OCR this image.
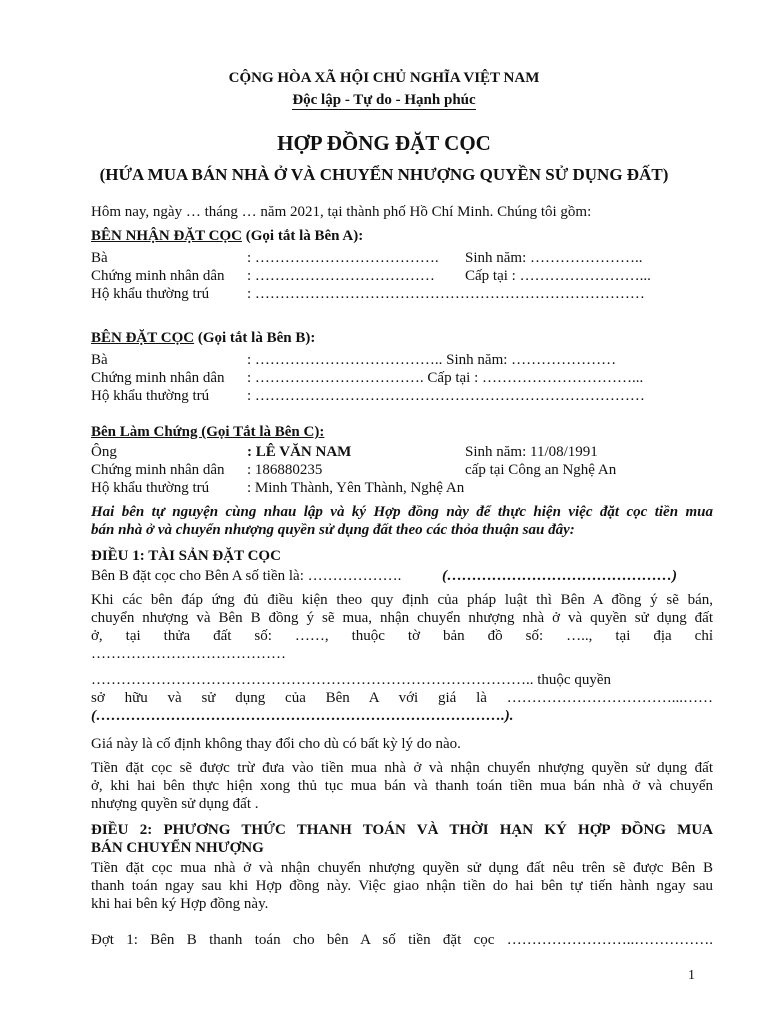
CỘNG HÒA XÃ HỘI CHỦ NGHĨA VIỆT NAM
Độc lập - Tự do - Hạnh phúc
HỢP ĐỒNG ĐẶT CỌC
(HỨA MUA BÁN NHÀ Ở VÀ CHUYỂN NHƯỢNG QUYỀN SỬ DỤNG ĐẤT)
Hôm nay, ngày … tháng … năm 2021, tại thành phố Hồ Chí Minh. Chúng tôi gồm:
BÊN NHẬN ĐẶT CỌC (Gọi tắt là Bên A):
Bà	: ………………………………. Sinh năm: …………………..
Chứng minh nhân dân : ……………………………… Cấp tại : ……………………...
Hộ khẩu thường trú	: ……………………………………………………………………
BÊN ĐẶT CỌC (Gọi tắt là Bên B):
Bà	: ……………………………….. Sinh năm: …………………
Chứng minh nhân dân : ……………………………. Cấp tại : …………………………...
Hộ khẩu thường trú	: ……………………………………………………………………
Bên Làm Chứng (Gọi Tắt là Bên C):
Ông	: LÊ VĂN NAM	Sinh năm: 11/08/1991
Chứng minh nhân dân : 186880235	cấp tại Công an Nghệ An
Hộ khẩu thường trú	: Minh Thành, Yên Thành, Nghệ An
Hai bên tự nguyện cùng nhau lập và ký Hợp đồng này để thực hiện việc đặt cọc tiền mua
bán nhà ở và chuyển nhượng quyền sử dụng đất theo các thỏa thuận sau đây:
ĐIỀU 1: TÀI SẢN ĐẶT CỌC
Bên B đặt cọc cho Bên A số tiền là: ……………….	(………………………………………)
Khi các bên đáp ứng đủ điều kiện theo quy định của pháp luật thì Bên A đồng ý sẽ bán,
chuyển nhượng và Bên B đồng ý sẽ mua, nhận chuyển nhượng nhà ở và quyền sử dụng đất
ở, tại thửa đất số: ……, thuộc tờ bản đồ số: ….., tại địa chỉ
…………………………………
…………………………………………………………………………….. thuộc quyền
sở hữu và sử dụng của Bên A với giá là ……………………………...……
(……………………………………………………………………….).
Giá này là cố định không thay đổi cho dù có bất kỳ lý do nào.
Tiền đặt cọc sẽ được trừ đưa vào tiền mua nhà ở và nhận chuyển nhượng quyền sử dụng đất
ở, khi hai bên thực hiện xong thủ tục mua bán và thanh toán tiền mua bán nhà ở và chuyển
nhượng quyền sử dụng đất .
ĐIỀU 2: PHƯƠNG THỨC THANH TOÁN VÀ THỜI HẠN KÝ HỢP ĐỒNG MUA
BÁN CHUYỂN NHƯỢNG
Tiền đặt cọc mua nhà ở và nhận chuyển nhượng quyền sử dụng đất nêu trên sẽ được Bên B
thanh toán ngay sau khi Hợp đồng này. Việc giao nhận tiền do hai bên tự tiến hành ngay sau
khi hai bên ký Hợp đồng này.
Đợt 1: Bên B thanh toán cho bên A số tiền đặt cọc ……………………..…………….
1
